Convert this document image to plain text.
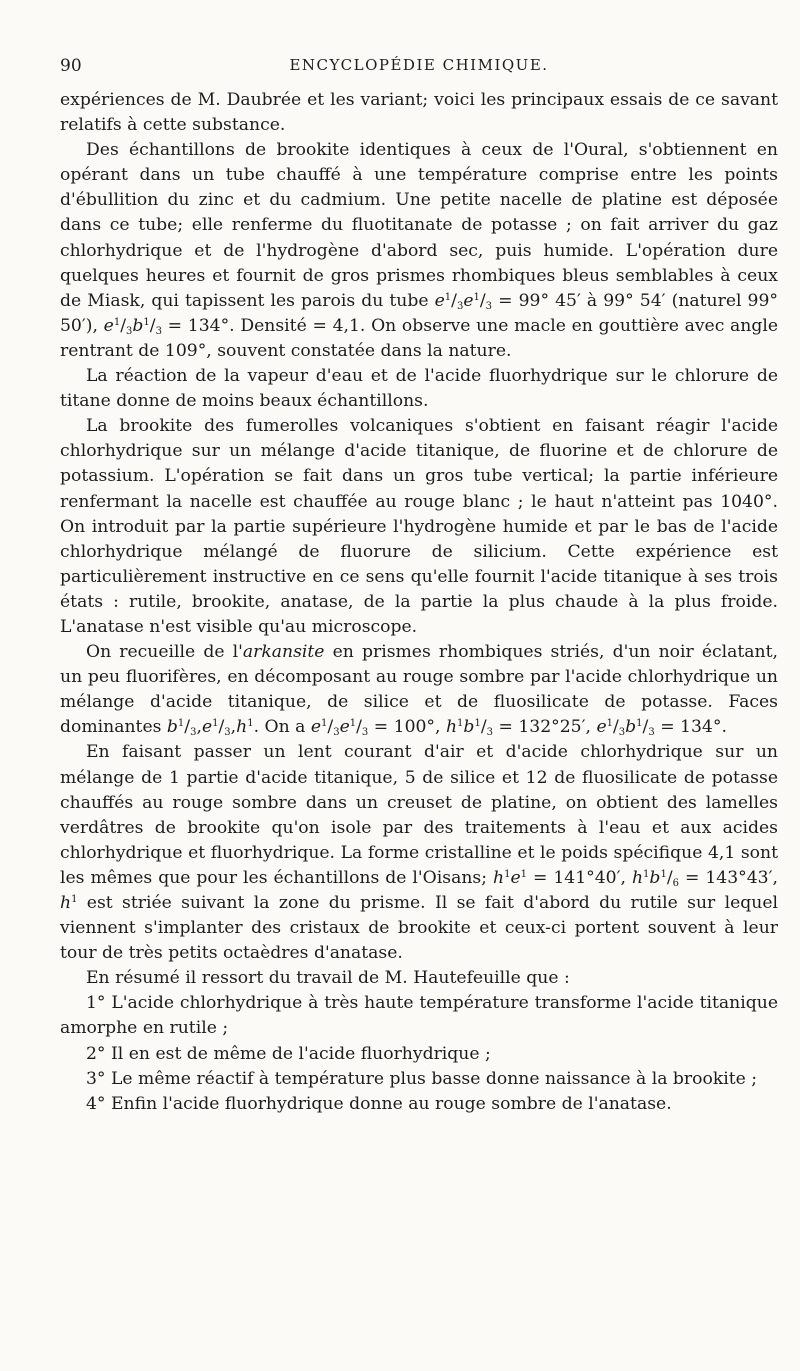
90	ENCYCLOPÉDIE CHIMIQUE.

expériences de M. Daubrée et les variant; voici les principaux essais de ce savant relatifs à cette substance.

Des échantillons de brookite identiques à ceux de l'Oural, s'obtiennent en opérant dans un tube chauffé à une température comprise entre les points d'ébullition du zinc et du cadmium. Une petite nacelle de platine est déposée dans ce tube; elle renferme du fluotitanate de potasse ; on fait arriver du gaz chlorhydrique et de l'hydrogène d'abord sec, puis humide. L'opération dure quelques heures et fournit de gros prismes rhombiques bleus semblables à ceux de Miask, qui tapissent les parois du tube $e^1/_3e^1/_3 = 99^\circ$ 45′ à 99° 54′ (naturel 99° 50′), $e^1/_3b^1/_3 = 134^\circ$. Densité = 4,1. On observe une macle en gouttière avec angle rentrant de 109°, souvent constatée dans la nature.

La réaction de la vapeur d'eau et de l'acide fluorhydrique sur le chlorure de titane donne de moins beaux échantillons.

La brookite des fumerolles volcaniques s'obtient en faisant réagir l'acide chlorhydrique sur un mélange d'acide titanique, de fluorine et de chlorure de potassium. L'opération se fait dans un gros tube vertical; la partie inférieure renfermant la nacelle est chauffée au rouge blanc ; le haut n'atteint pas 1040°. On introduit par la partie supérieure l'hydrogène humide et par le bas de l'acide chlorhydrique mélangé de fluorure de silicium. Cette expérience est particulièrement instructive en ce sens qu'elle fournit l'acide titanique à ses trois états : rutile, brookite, anatase, de la partie la plus chaude à la plus froide. L'anatase n'est visible qu'au microscope.

On recueille de l'arkansite en prismes rhombiques striés, d'un noir éclatant, un peu fluorifères, en décomposant au rouge sombre par l'acide chlorhydrique un mélange d'acide titanique, de silice et de fluosilicate de potasse. Faces dominantes $b^1/_3,e^1/_3,h^1$. On a $e^1/_3e^1/_3 = 100^\circ$, $h^1b^1/_3 = 132^\circ 25'$, $e^1/_3b^1/_3 = 134^\circ$.

En faisant passer un lent courant d'air et d'acide chlorhydrique sur un mélange de 1 partie d'acide titanique, 5 de silice et 12 de fluosilicate de potasse chauffés au rouge sombre dans un creuset de platine, on obtient des lamelles verdâtres de brookite qu'on isole par des traitements à l'eau et aux acides chlorhydrique et fluorhydrique. La forme cristalline et le poids spécifique 4,1 sont les mêmes que pour les échantillons de l'Oisans; $h^1e^1 = 141^\circ 40'$, $h^1b^1/_6 = 143^\circ 43'$, $h^1$ est striée suivant la zone du prisme. Il se fait d'abord du rutile sur lequel viennent s'implanter des cristaux de brookite et ceux-ci portent souvent à leur tour de très petits octaèdres d'anatase.

En résumé il ressort du travail de M. Hautefeuille que :

1° L'acide chlorhydrique à très haute température transforme l'acide titanique amorphe en rutile ;

2° Il en est de même de l'acide fluorhydrique ;

3° Le même réactif à température plus basse donne naissance à la brookite ;

4° Enfin l'acide fluorhydrique donne au rouge sombre de l'anatase.
